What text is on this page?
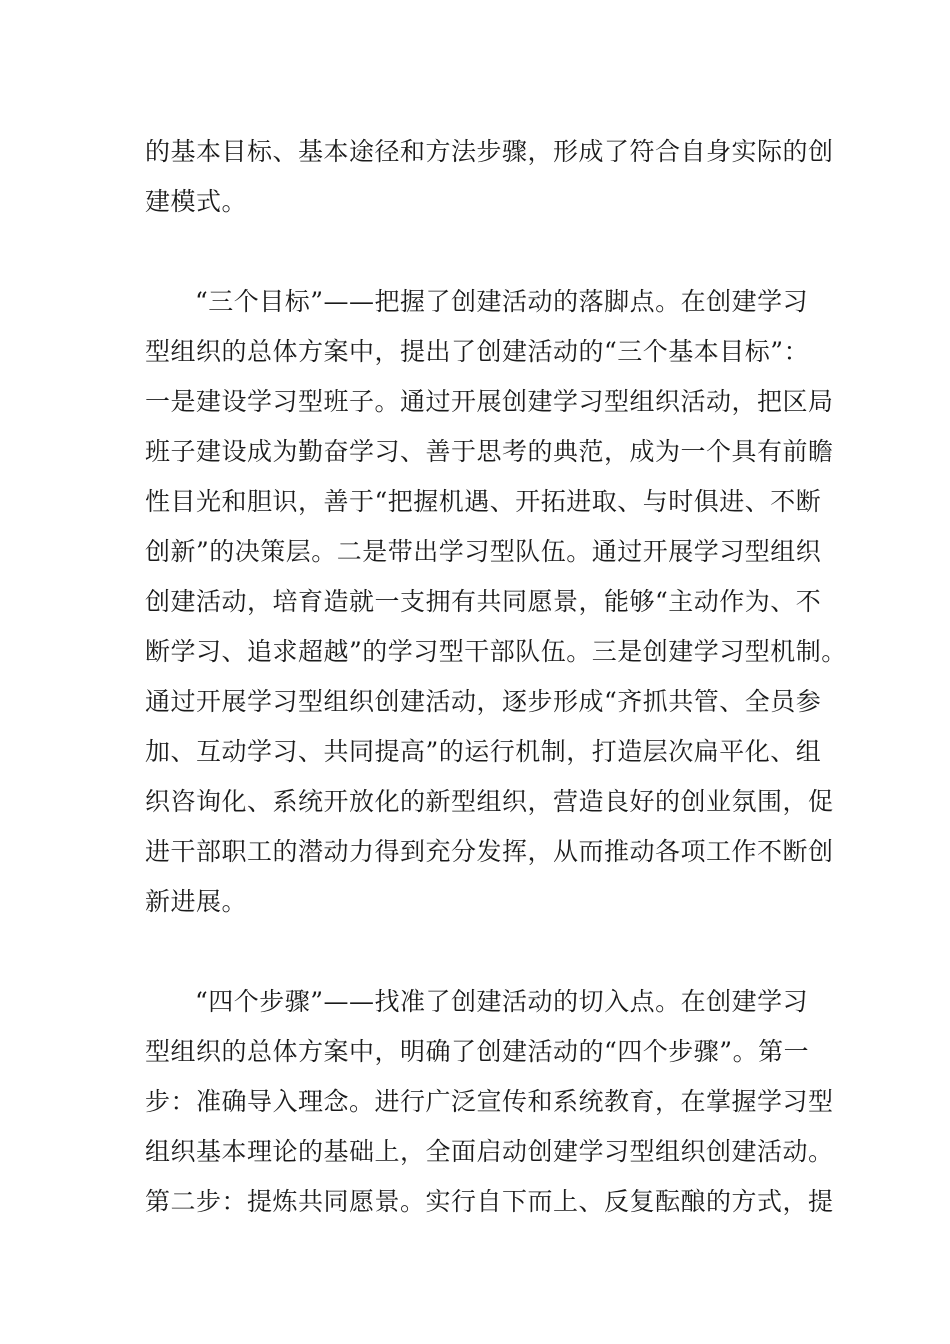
的基本目标、基本途径和方法步骤，形成了符合自身实际的创
建模式。
“三个目标”——把握了创建活动的落脚点。在创建学习
型组织的总体方案中，提出了创建活动的“三个基本目标”：
一是建设学习型班子。通过开展创建学习型组织活动，把区局
班子建设成为勤奋学习、善于思考的典范，成为一个具有前瞻
性目光和胆识，善于“把握机遇、开拓进取、与时俱进、不断
创新”的决策层。二是带出学习型队伍。通过开展学习型组织
创建活动，培育造就一支拥有共同愿景，能够“主动作为、不
断学习、追求超越”的学习型干部队伍。三是创建学习型机制。
通过开展学习型组织创建活动，逐步形成“齐抓共管、全员参
加、互动学习、共同提高”的运行机制，打造层次扁平化、组
织咨询化、系统开放化的新型组织，营造良好的创业氛围，促
进干部职工的潜动力得到充分发挥，从而推动各项工作不断创
新进展。
“四个步骤”——找准了创建活动的切入点。在创建学习
型组织的总体方案中，明确了创建活动的“四个步骤”。第一
步：准确导入理念。进行广泛宣传和系统教育，在掌握学习型
组织基本理论的基础上，全面启动创建学习型组织创建活动。
第二步：提炼共同愿景。实行自下而上、反复酝酿的方式，提
